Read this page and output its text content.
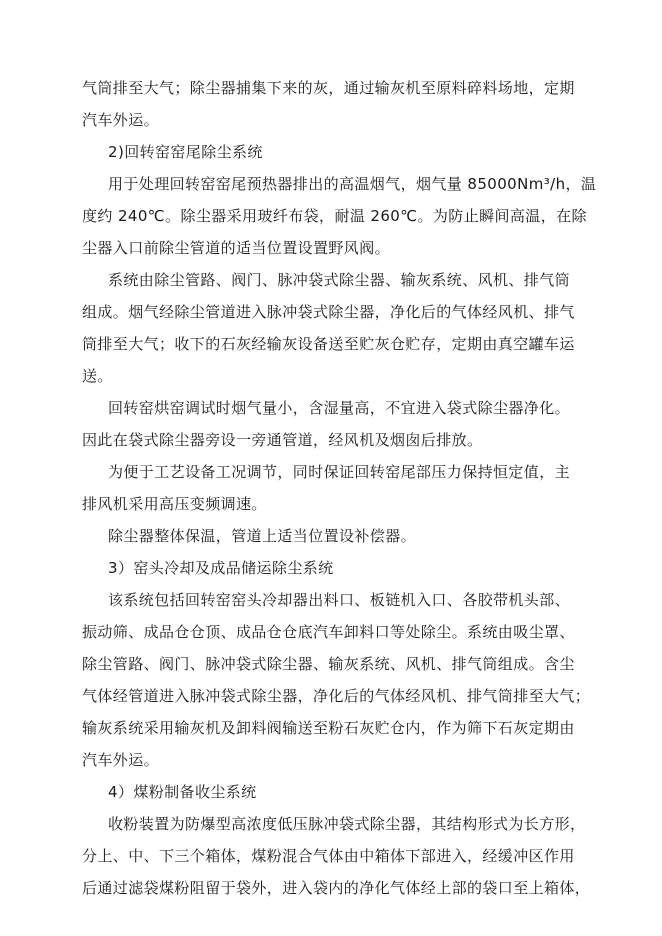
气筒排至大气；除尘器捕集下来的灰，通过输灰机至原料碎料场地，定期
汽车外运。
2)回转窑窑尾除尘系统
用于处理回转窑窑尾预热器排出的高温烟气，烟气量 85000Nm³/h，温
度约 240℃。除尘器采用玻纤布袋，耐温 260℃。为防止瞬间高温，在除
尘器入口前除尘管道的适当位置设置野风阀。
系统由除尘管路、阀门、脉冲袋式除尘器、输灰系统、风机、排气筒
组成。烟气经除尘管道进入脉冲袋式除尘器，净化后的气体经风机、排气
筒排至大气；收下的石灰经输灰设备送至贮灰仓贮存，定期由真空罐车运
送。
回转窑烘窑调试时烟气量小，含湿量高，不宜进入袋式除尘器净化。
因此在袋式除尘器旁设一旁通管道，经风机及烟囱后排放。
为便于工艺设备工况调节，同时保证回转窑尾部压力保持恒定值，主
排风机采用高压变频调速。
除尘器整体保温，管道上适当位置设补偿器。
3）窑头冷却及成品储运除尘系统
该系统包括回转窑窑头冷却器出料口、板链机入口、各胶带机头部、
振动筛、成品仓仓顶、成品仓仓底汽车卸料口等处除尘。系统由吸尘罩、
除尘管路、阀门、脉冲袋式除尘器、输灰系统、风机、排气筒组成。含尘
气体经管道进入脉冲袋式除尘器，净化后的气体经风机、排气筒排至大气；
输灰系统采用输灰机及卸料阀输送至粉石灰贮仓内，作为筛下石灰定期由
汽车外运。
4）煤粉制备收尘系统
收粉装置为防爆型高浓度低压脉冲袋式除尘器，其结构形式为长方形，
分上、中、下三个箱体，煤粉混合气体由中箱体下部进入，经缓冲区作用
后通过滤袋煤粉阻留于袋外，进入袋内的净化气体经上部的袋口至上箱体，
